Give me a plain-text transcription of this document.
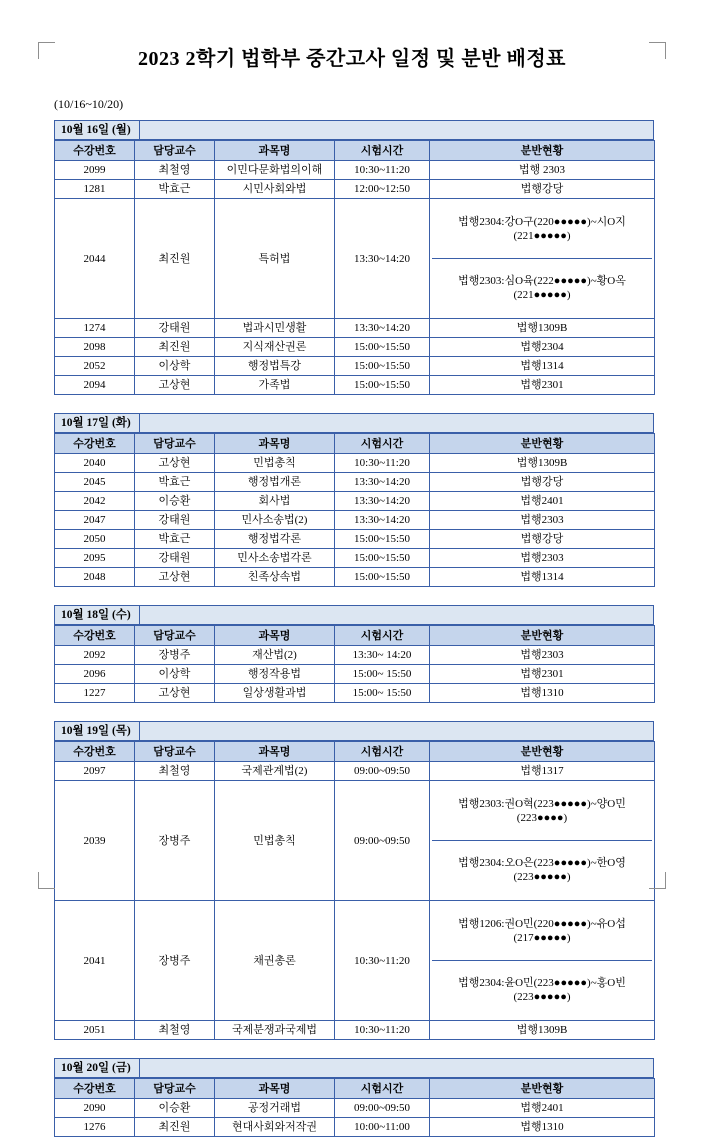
2023 2학기 법학부 중간고사 일정 및 분반 배정표
(10/16~10/20)
10월 16일 (월)
수강번호	담당교수	과목명	시험시간	분반현황
2099	최철영	이민다문화법의이해	10:30~11:20	법행 2303
1281	박효근	시민사회와법	12:00~12:50	법행강당
2044	최진원	특허법	13:30~14:20	
법행2304:강O구(220●●●●●)~시O지(221●●●●●)
법행2303:심O육(222●●●●●)~황O옥(221●●●●●)

1274	강태원	법과시민생활	13:30~14:20	법행1309B
2098	최진원	지식재산권론	15:00~15:50	법행2304
2052	이상학	행정법특강	15:00~15:50	법행1314
2094	고상현	가족법	15:00~15:50	법행2301
10월 17일 (화)
수강번호	담당교수	과목명	시험시간	분반현황
2040	고상현	민법총칙	10:30~11:20	법행1309B
2045	박효근	행정법개론	13:30~14:20	법행강당
2042	이승환	회사법	13:30~14:20	법행2401
2047	강태원	민사소송법(2)	13:30~14:20	법행2303
2050	박효근	행정법각론	15:00~15:50	법행강당
2095	강태원	민사소송법각론	15:00~15:50	법행2303
2048	고상현	친족상속법	15:00~15:50	법행1314
10월 18일 (수)
수강번호	담당교수	과목명	시험시간	분반현황
2092	장병주	재산법(2)	13:30~ 14:20	법행2303
2096	이상학	행정작용법	15:00~ 15:50	법행2301
1227	고상현	일상생활과법	15:00~ 15:50	법행1310
10월 19일 (목)
수강번호	담당교수	과목명	시험시간	분반현황
2097	최철영	국제관계법(2)	09:00~09:50	법행1317
2039	장병주	민법총칙	09:00~09:50	
법행2303:권O혁(223●●●●●)~양O민(223●●●●)
법행2304:오O은(223●●●●●)~한O영(223●●●●●)

2041	장병주	채권총론	10:30~11:20	
법행1206:권O민(220●●●●●)~유O섭(217●●●●●)
법행2304:윤O민(223●●●●●)~홍O빈(223●●●●●)

2051	최철영	국제분쟁과국제법	10:30~11:20	법행1309B
10월 20일 (금)
수강번호	담당교수	과목명	시험시간	분반현황
2090	이승환	공정거래법	09:00~09:50	법행2401
1276	최진원	현대사회와저작권	10:00~11:00	법행1310
